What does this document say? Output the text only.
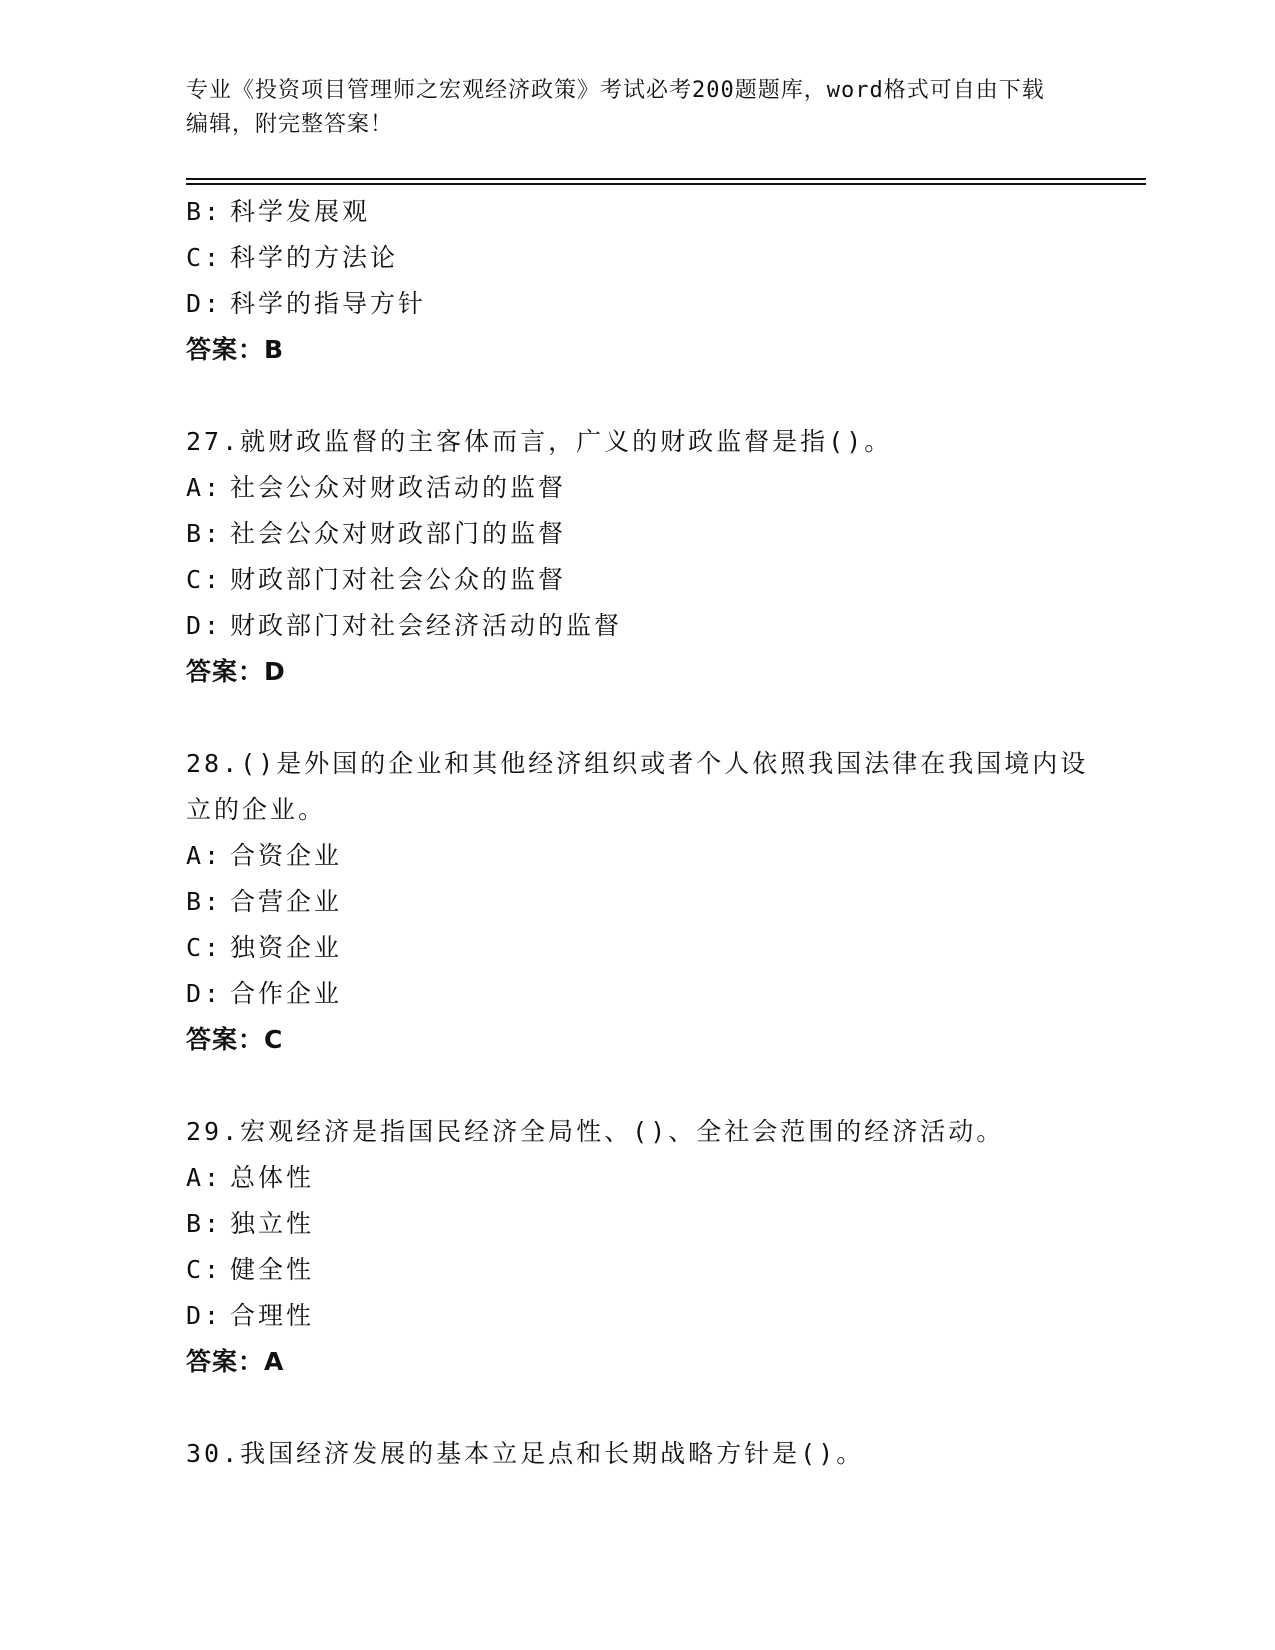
专业《投资项目管理师之宏观经济政策》考试必考200题题库，word格式可自由下载编辑，附完整答案！
B: 科学发展观
C: 科学的方法论
D: 科学的指导方针
答案：B
27.就财政监督的主客体而言，广义的财政监督是指()。
A: 社会公众对财政活动的监督
B: 社会公众对财政部门的监督
C: 财政部门对社会公众的监督
D: 财政部门对社会经济活动的监督
答案：D
28.()是外国的企业和其他经济组织或者个人依照我国法律在我国境内设立的企业。
A: 合资企业
B: 合营企业
C: 独资企业
D: 合作企业
答案：C
29.宏观经济是指国民经济全局性、()、全社会范围的经济活动。
A: 总体性
B: 独立性
C: 健全性
D: 合理性
答案：A
30.我国经济发展的基本立足点和长期战略方针是()。
